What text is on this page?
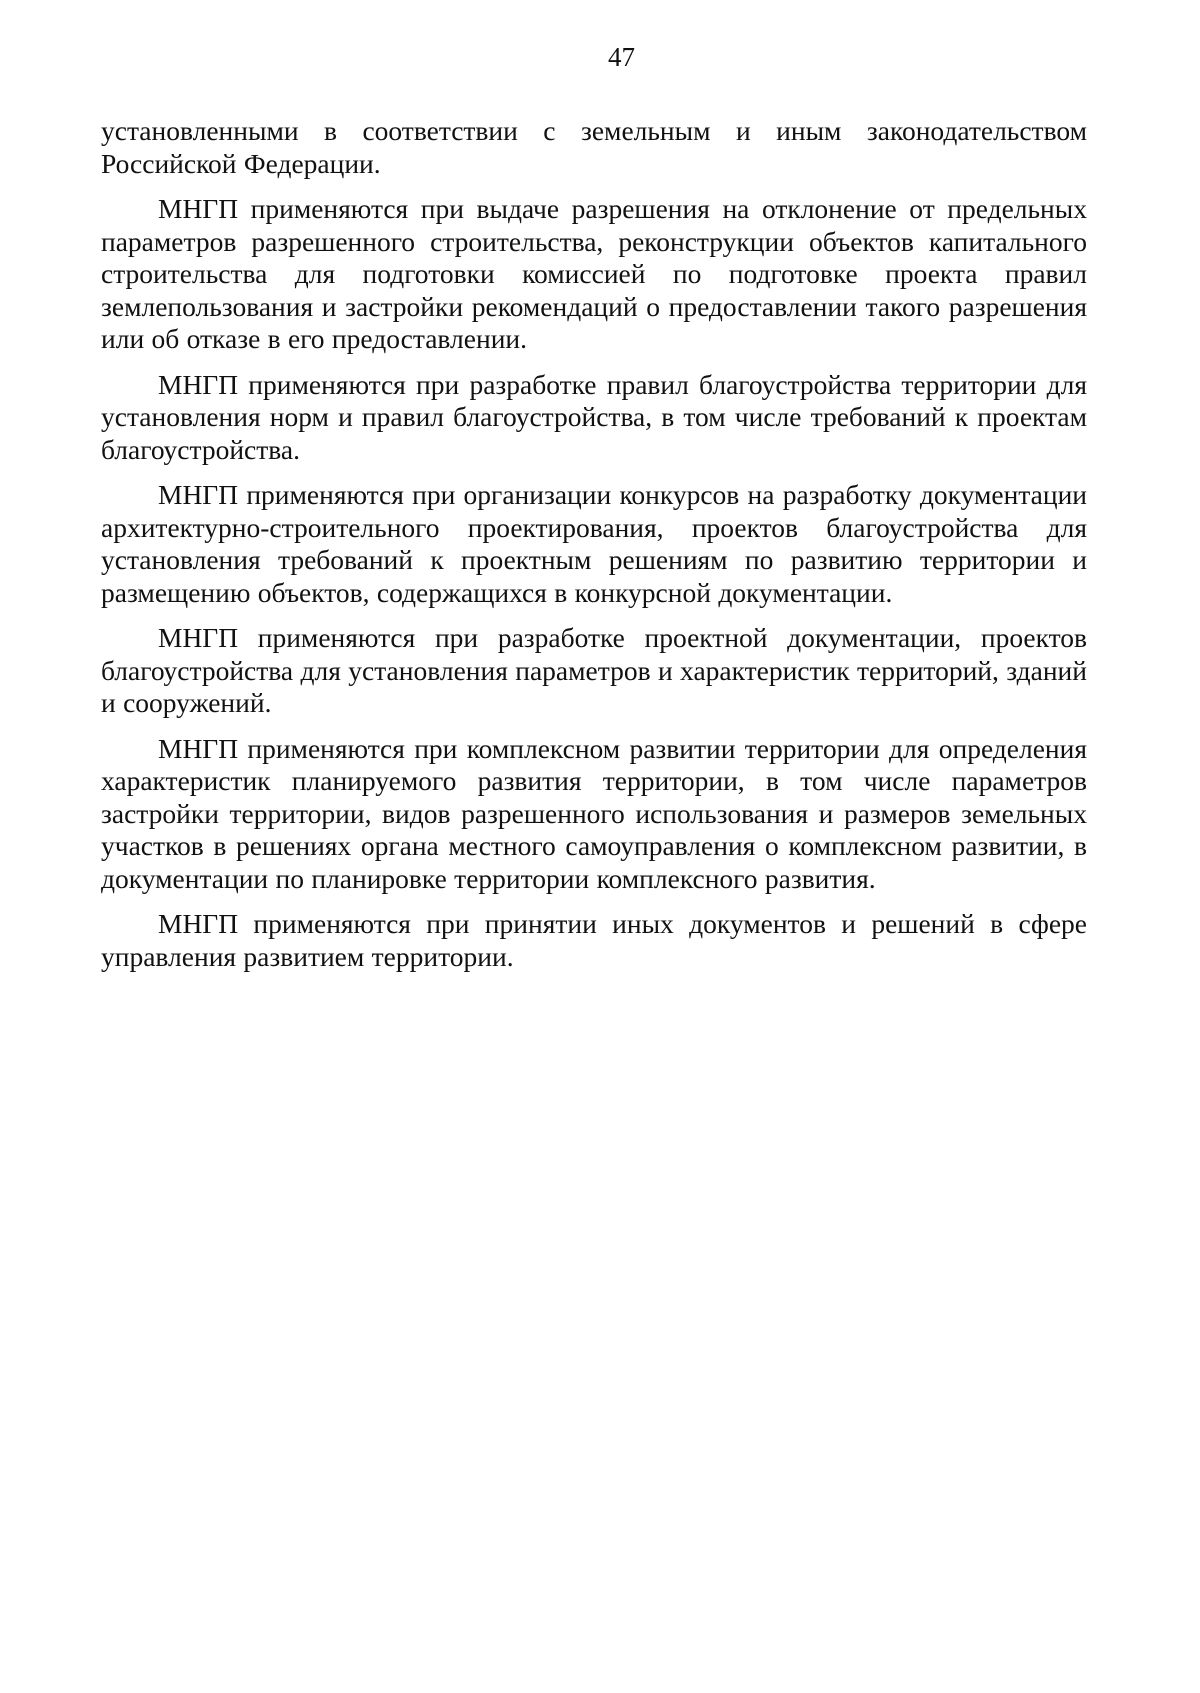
47

установленными в соответствии с земельным и иным законодательством Российской Федерации.

МНГП применяются при выдаче разрешения на отклонение от предельных параметров разрешенного строительства, реконструкции объектов капитального строительства для подготовки комиссией по подготовке проекта правил землепользования и застройки рекомендаций о предоставлении такого разрешения или об отказе в его предоставлении.

МНГП применяются при разработке правил благоустройства территории для установления норм и правил благоустройства, в том числе требований к проектам благоустройства.

МНГП применяются при организации конкурсов на разработку документации архитектурно-строительного проектирования, проектов благоустройства для установления требований к проектным решениям по развитию территории и размещению объектов, содержащихся в конкурсной документации.

МНГП применяются при разработке проектной документации, проектов благоустройства для установления параметров и характеристик территорий, зданий и сооружений.

МНГП применяются при комплексном развитии территории для определения характеристик планируемого развития территории, в том числе параметров застройки территории, видов разрешенного использования и размеров земельных участков в решениях органа местного самоуправления о комплексном развитии, в документации по планировке территории комплексного развития.

МНГП применяются при принятии иных документов и решений в сфере управления развитием территории.
